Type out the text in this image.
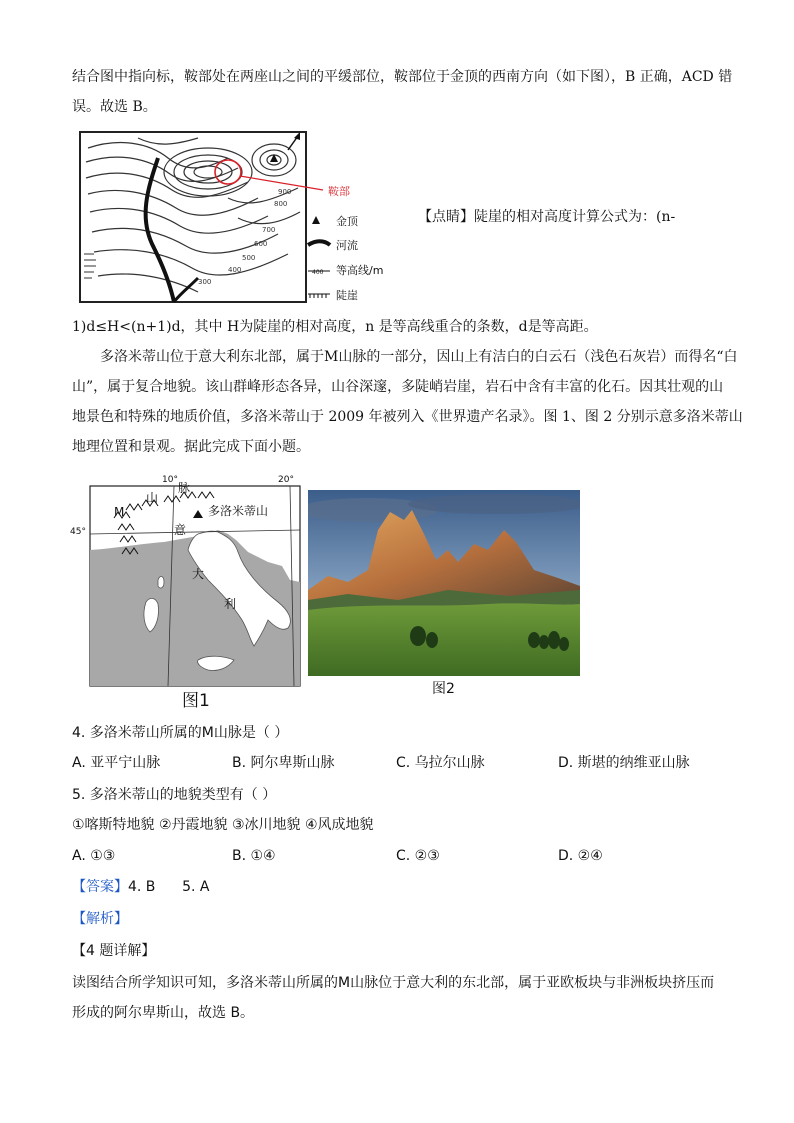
结合图中指向标，鞍部处在两座山之间的平缓部位，鞍部位于金顶的西南方向（如下图），B 正确，ACD 错

误。故选 B。

鞍部
900
800
700
600
500
400
300
金顶
河流
400 等高线/m
陡崖

【点睛】陡崖的相对高度计算公式为：(n-

1)d≤H<(n+1)d，其中 H为陡崖的相对高度，n 是等高线重合的条数，d是等高距。

多洛米蒂山位于意大利东北部，属于M山脉的一部分，因山上有洁白的白云石（浅色石灰岩）而得名“白

山”，属于复合地貌。该山群峰形态各异，山谷深邃，多陡峭岩崖，岩石中含有丰富的化石。因其壮观的山

地景色和特殊的地质价值，多洛米蒂山于 2009 年被列入《世界遗产名录》。图 1、图 2 分别示意多洛米蒂山

地理位置和景观。据此完成下面小题。

10°	20°
45°
M
山
脉
多洛米蒂山
意
大
利
图1
图2

4. 多洛米蒂山所属的M山脉是（ ）

A. 亚平宁山脉	B. 阿尔卑斯山脉	C. 乌拉尔山脉	D. 斯堪的纳维亚山脉

5. 多洛米蒂山的地貌类型有（ ）

①喀斯特地貌 ②丹霞地貌 ③冰川地貌 ④风成地貌

A. ①③	B. ①④	C. ②③	D. ②④

【答案】4. B      5. A

【解析】

【4 题详解】

读图结合所学知识可知，多洛米蒂山所属的M山脉位于意大利的东北部，属于亚欧板块与非洲板块挤压而

形成的阿尔卑斯山，故选 B。
